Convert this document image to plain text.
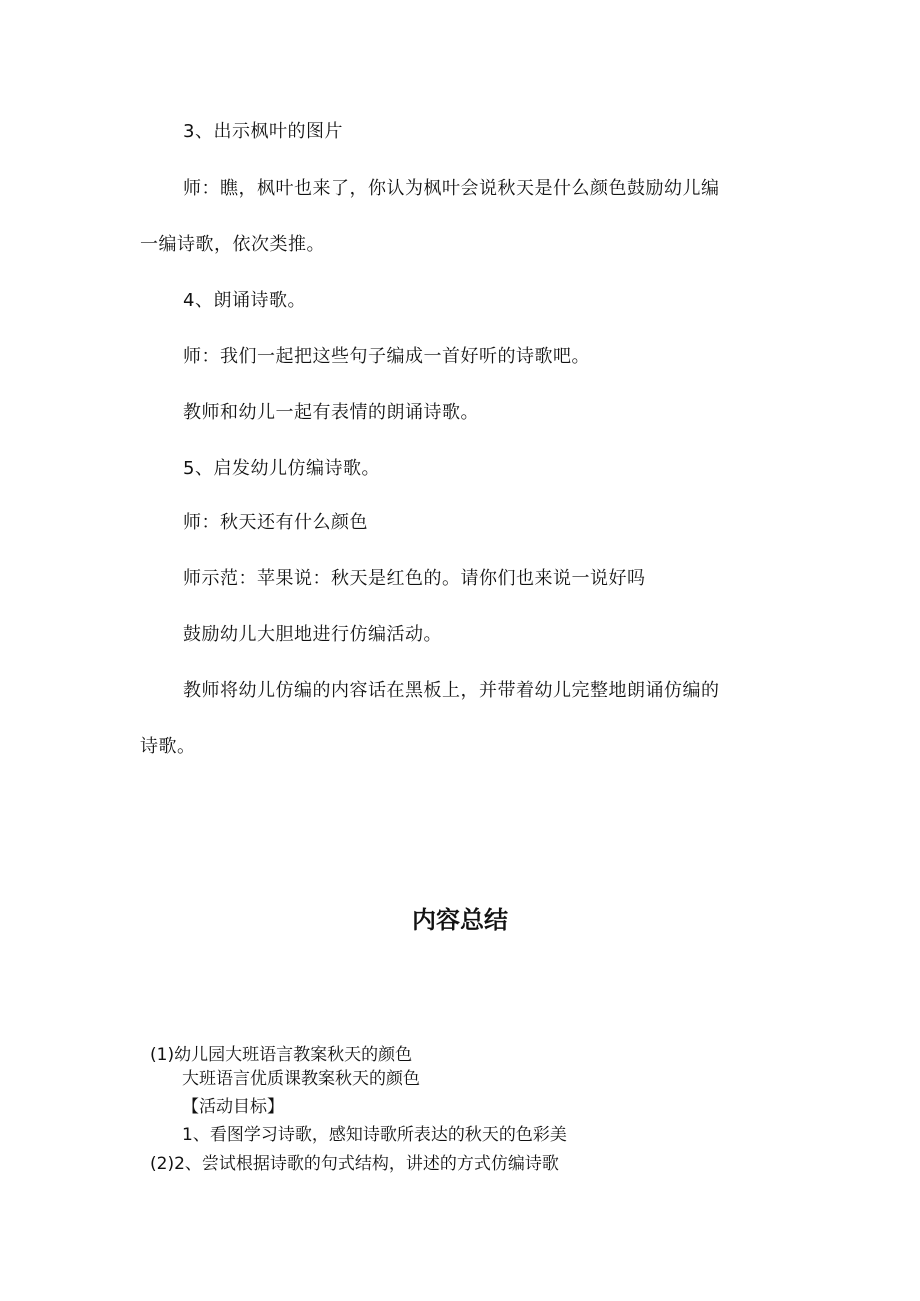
3、出示枫叶的图片
师：瞧，枫叶也来了，你认为枫叶会说秋天是什么颜色鼓励幼儿编
一编诗歌，依次类推。
4、朗诵诗歌。
师：我们一起把这些句子编成一首好听的诗歌吧。
教师和幼儿一起有表情的朗诵诗歌。
5、启发幼儿仿编诗歌。
师：秋天还有什么颜色
师示范：苹果说：秋天是红色的。请你们也来说一说好吗
鼓励幼儿大胆地进行仿编活动。
教师将幼儿仿编的内容话在黑板上，并带着幼儿完整地朗诵仿编的
诗歌。
内容总结
(1)幼儿园大班语言教案秋天的颜色
大班语言优质课教案秋天的颜色
【活动目标】
1、看图学习诗歌，感知诗歌所表达的秋天的色彩美
(2)2、尝试根据诗歌的句式结构，讲述的方式仿编诗歌
